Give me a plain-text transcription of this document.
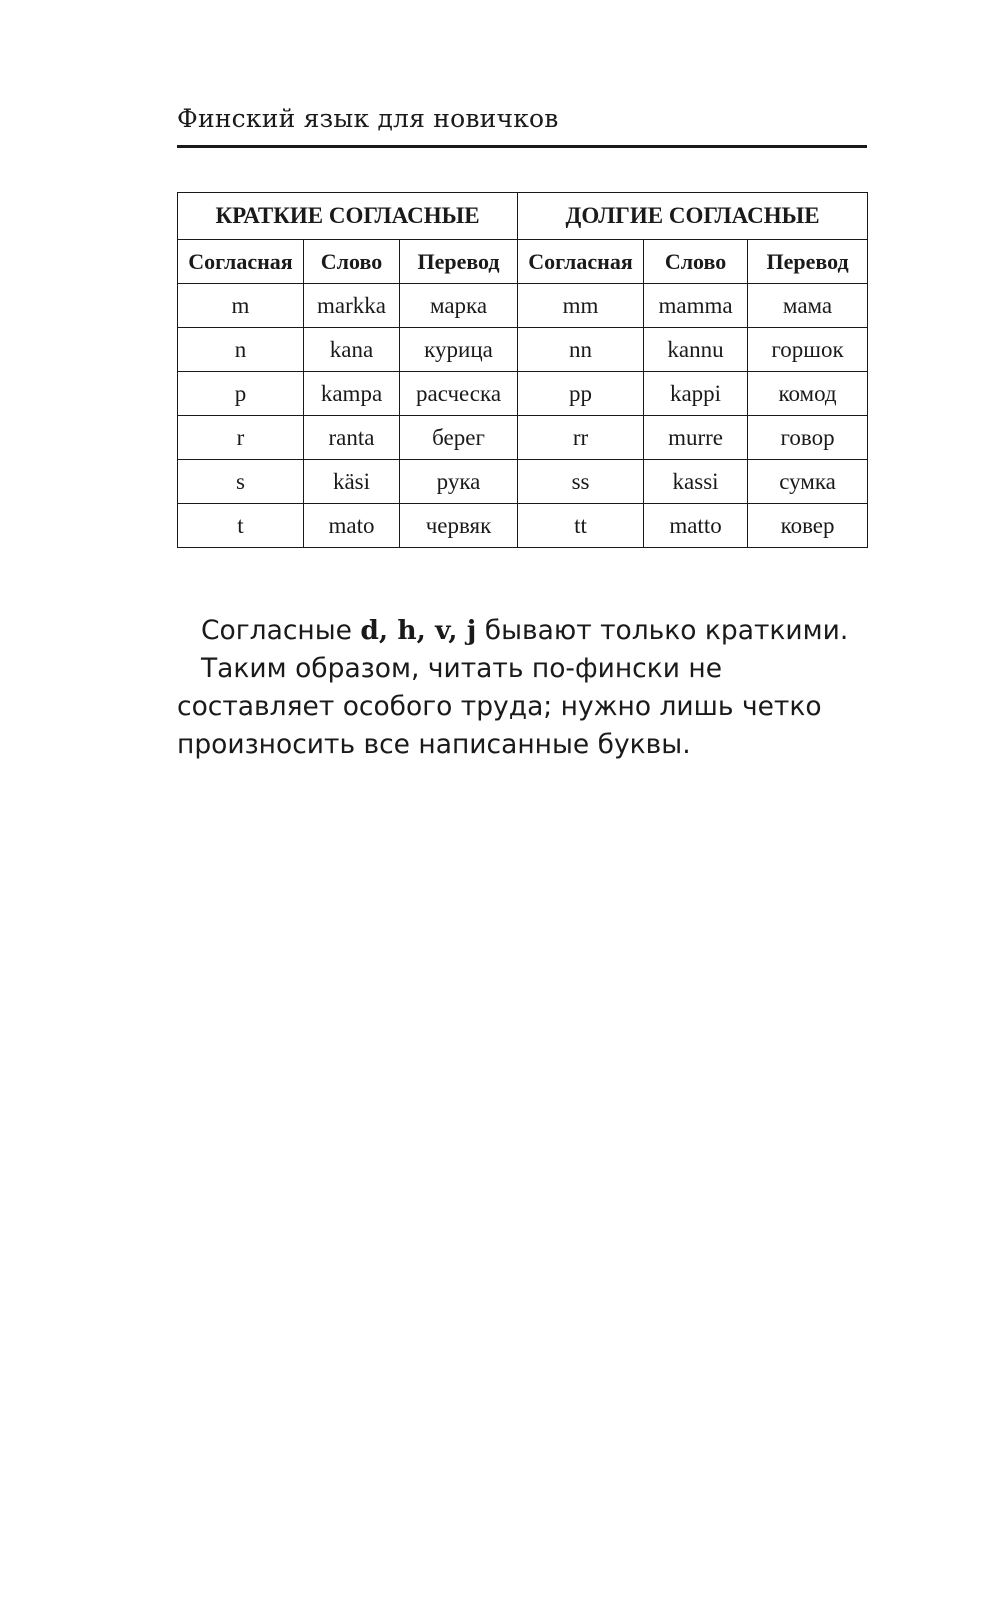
Финский язык для новичков
КРАТКИЕ СОГЛАСНЫЕ			ДОЛГИЕ СОГЛАСНЫЕ		
Согласная	Слово	Перевод	Согласная	Слово	Перевод
m	markka	марка	mm	mamma	мама
n	kana	курица	nn	kannu	горшок
p	kampa	расческа	pp	kappi	комод
r	ranta	берег	rr	murre	говор
s	käsi	рука	ss	kassi	сумка
t	mato	червяк	tt	matto	ковер

Согласные d, h, v, j бывают только краткими.

Таким образом, читать по-фински не составляет особого труда; нужно лишь четко произносить все написанные буквы.
